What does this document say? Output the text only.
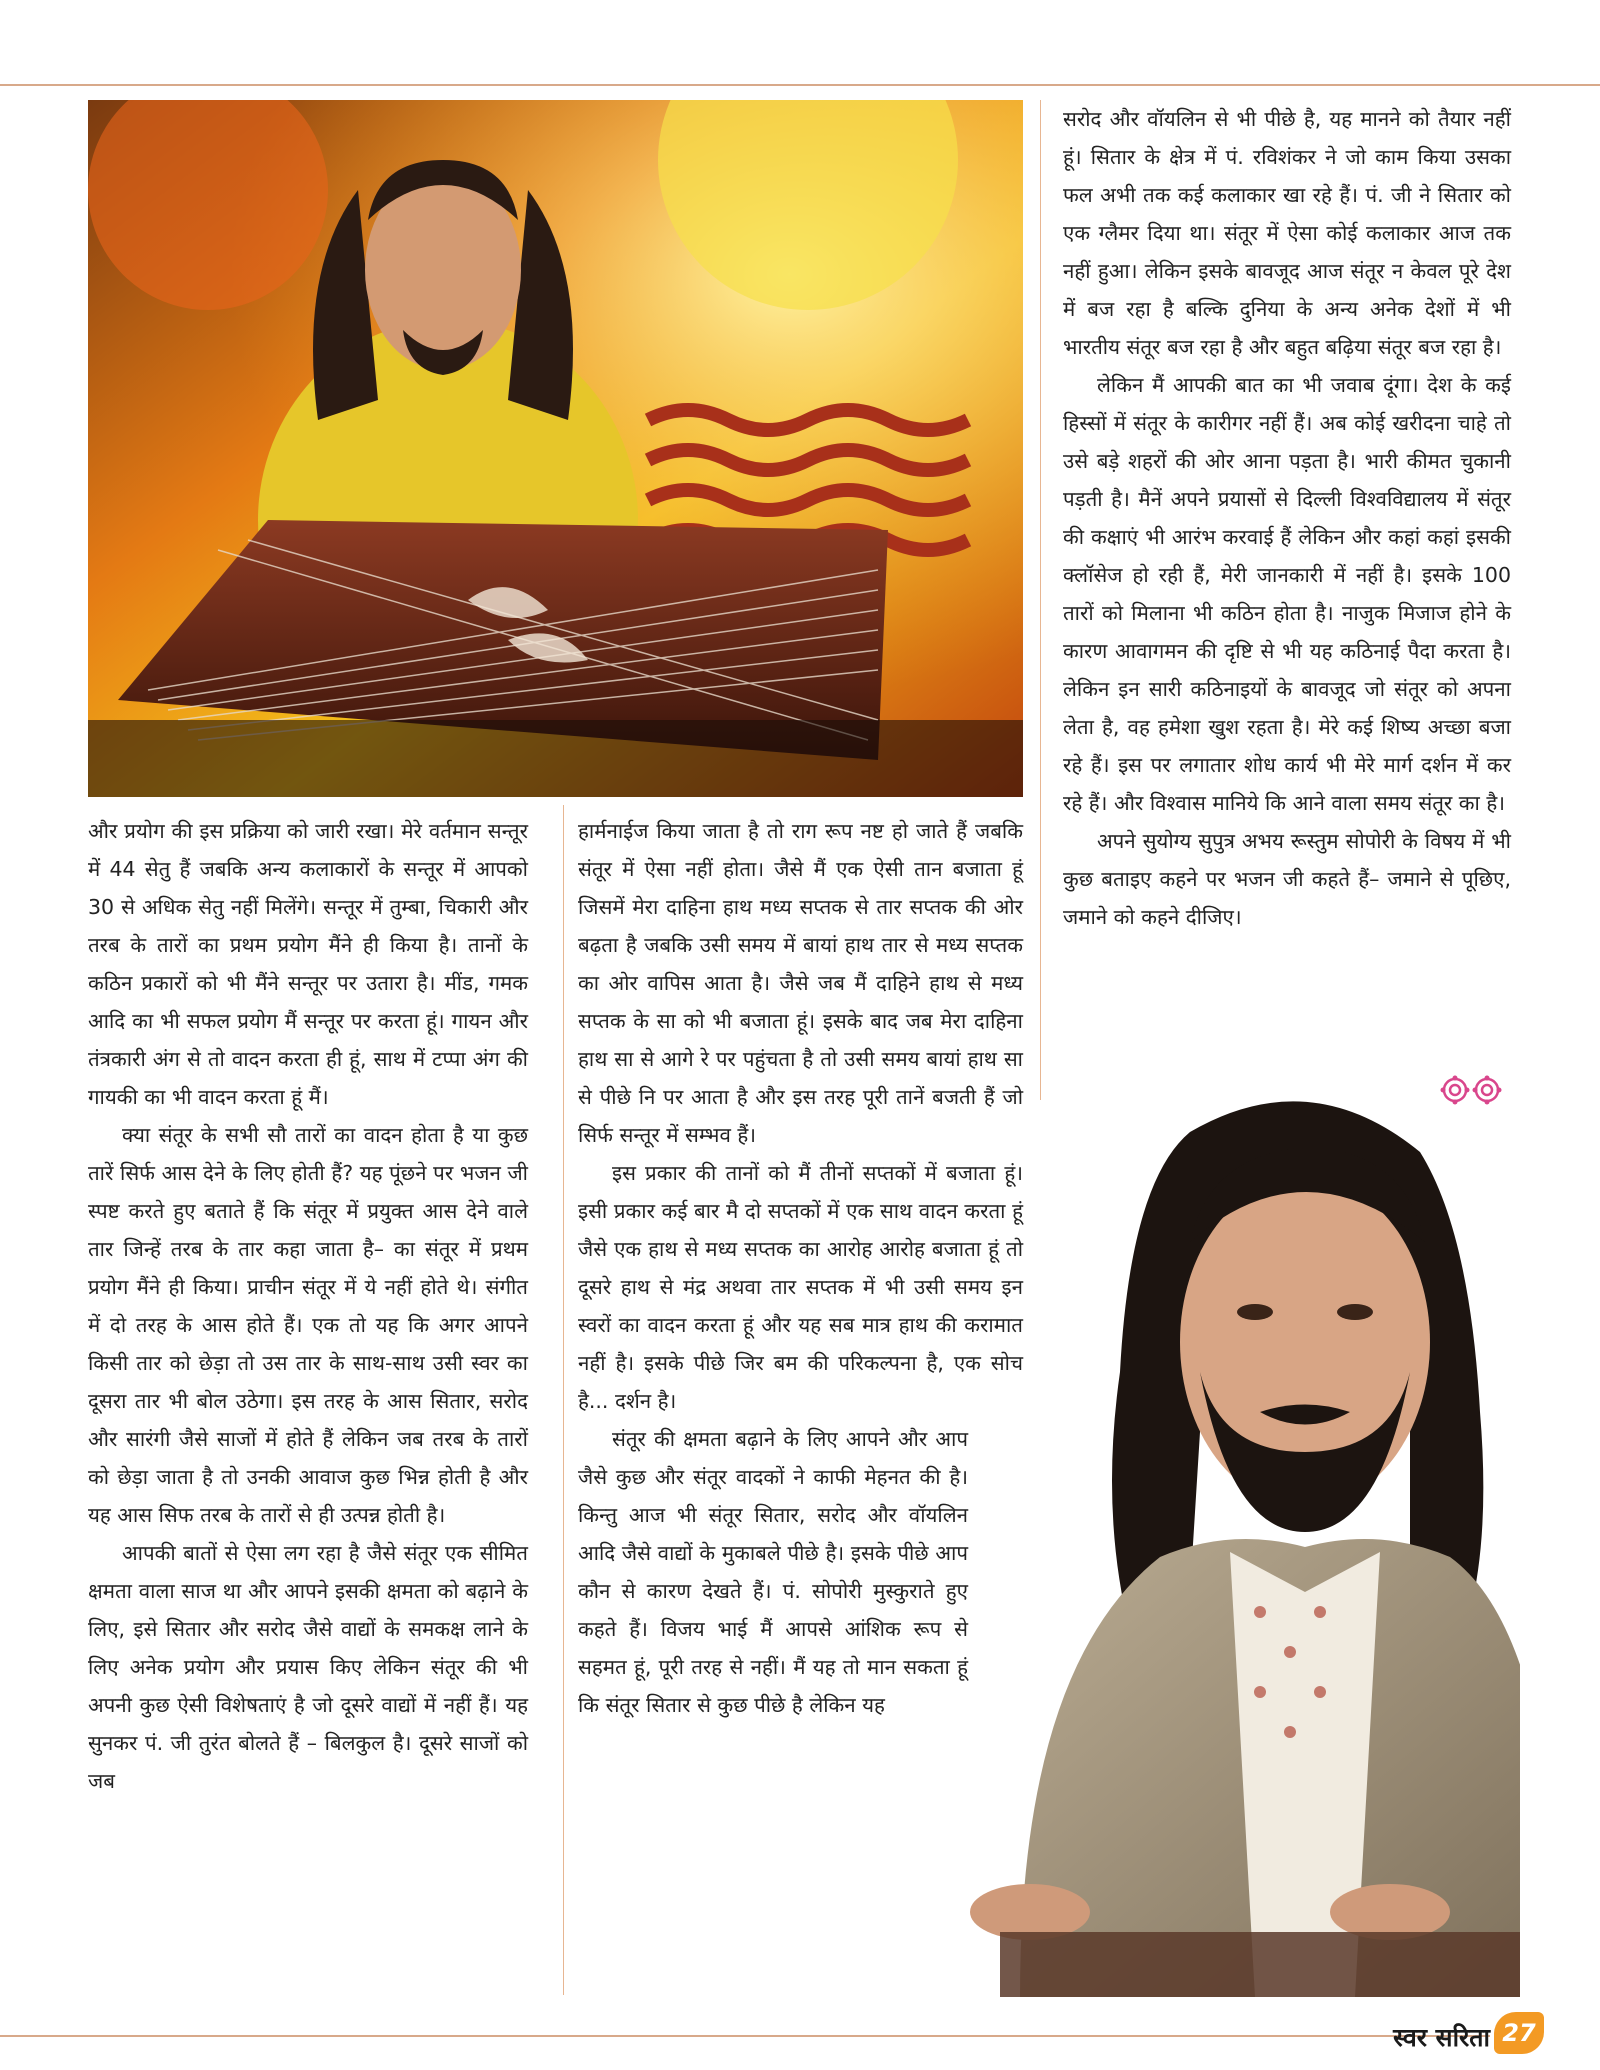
और प्रयोग की इस प्रक्रिया को जारी रखा। मेरे वर्तमान सन्तूर में 44 सेतु हैं जबकि अन्य कलाकारों के सन्तूर में आपको 30 से अधिक सेतु नहीं मिलेंगे। सन्तूर में तुम्बा, चिकारी और तरब के तारों का प्रथम प्रयोग मैंने ही किया है। तानों के कठिन प्रकारों को भी मैंने सन्तूर पर उतारा है। मींड, गमक आदि का भी सफल प्रयोग मैं सन्तूर पर करता हूं। गायन और तंत्रकारी अंग से तो वादन करता ही हूं, साथ में टप्पा अंग की गायकी का भी वादन करता हूं मैं।

क्या संतूर के सभी सौ तारों का वादन होता है या कुछ तारें सिर्फ आस देने के लिए होती हैं? यह पूंछने पर भजन जी स्पष्ट करते हुए बताते हैं कि संतूर में प्रयुक्त आस देने वाले तार जिन्हें तरब के तार कहा जाता है– का संतूर में प्रथम प्रयोग मैंने ही किया। प्राचीन संतूर में ये नहीं होते थे। संगीत में दो तरह के आस होते हैं। एक तो यह कि अगर आपने किसी तार को छेड़ा तो उस तार के साथ-साथ उसी स्वर का दूसरा तार भी बोल उठेगा। इस तरह के आस सितार, सरोद और सारंगी जैसे साजों में होते हैं लेकिन जब तरब के तारों को छेड़ा जाता है तो उनकी आवाज कुछ भिन्न होती है और यह आस सिफ तरब के तारों से ही उत्पन्न होती है।

आपकी बातों से ऐसा लग रहा है जैसे संतूर एक सीमित क्षमता वाला साज था और आपने इसकी क्षमता को बढ़ाने के लिए, इसे सितार और सरोद जैसे वाद्यों के समकक्ष लाने के लिए अनेक प्रयोग और प्रयास किए लेकिन संतूर की भी अपनी कुछ ऐसी विशेषताएं है जो दूसरे वाद्यों में नहीं हैं। यह सुनकर पं. जी तुरंत बोलते हैं – बिलकुल है। दूसरे साजों को जब

हार्मनाईज किया जाता है तो राग रूप नष्ट हो जाते हैं जबकि संतूर में ऐसा नहीं होता। जैसे मैं एक ऐसी तान बजाता हूं जिसमें मेरा दाहिना हाथ मध्य सप्तक से तार सप्तक की ओर बढ़ता है जबकि उसी समय में बायां हाथ तार से मध्य सप्तक का ओर वापिस आता है। जैसे जब मैं दाहिने हाथ से मध्य सप्तक के सा को भी बजाता हूं। इसके बाद जब मेरा दाहिना हाथ सा से आगे रे पर पहुंचता है तो उसी समय बायां हाथ सा से पीछे नि पर आता है और इस तरह पूरी तानें बजती हैं जो सिर्फ सन्तूर में सम्भव हैं।

इस प्रकार की तानों को मैं तीनों सप्तकों में बजाता हूं। इसी प्रकार कई बार मै दो सप्तकों में एक साथ वादन करता हूं जैसे एक हाथ से मध्य सप्तक का आरोह आरोह बजाता हूं तो दूसरे हाथ से मंद्र अथवा तार सप्तक में भी उसी समय इन स्वरों का वादन करता हूं और यह सब मात्र हाथ की करामात नहीं है। इसके पीछे जिर बम की परिकल्पना है, एक सोच है... दर्शन है।

संतूर की क्षमता बढ़ाने के लिए आपने और आप जैसे कुछ और संतूर वादकों ने काफी मेहनत की है। किन्तु आज भी संतूर सितार, सरोद और वॉयलिन आदि जैसे वाद्यों के मुकाबले पीछे है। इसके पीछे आप कौन से कारण देखते हैं। पं. सोपोरी मुस्कुराते हुए कहते हैं। विजय भाई मैं आपसे आंशिक रूप से सहमत हूं, पूरी तरह से नहीं। मैं यह तो मान सकता हूं कि संतूर सितार से कुछ पीछे है लेकिन यह

सरोद और वॉयलिन से भी पीछे है, यह मानने को तैयार नहीं हूं। सितार के क्षेत्र में पं. रविशंकर ने जो काम किया उसका फल अभी तक कई कलाकार खा रहे हैं। पं. जी ने सितार को एक ग्लैमर दिया था। संतूर में ऐसा कोई कलाकार आज तक नहीं हुआ। लेकिन इसके बावजूद आज संतूर न केवल पूरे देश में बज रहा है बल्कि दुनिया के अन्य अनेक देशों में भी भारतीय संतूर बज रहा है और बहुत बढ़िया संतूर बज रहा है।

लेकिन मैं आपकी बात का भी जवाब दूंगा। देश के कई हिस्सों में संतूर के कारीगर नहीं हैं। अब कोई खरीदना चाहे तो उसे बड़े शहरों की ओर आना पड़ता है। भारी कीमत चुकानी पड़ती है। मैनें अपने प्रयासों से दिल्ली विश्वविद्यालय में संतूर की कक्षाएं भी आरंभ करवाई हैं लेकिन और कहां कहां इसकी क्लॉसेज हो रही हैं, मेरी जानकारी में नहीं है। इसके 100 तारों को मिलाना भी कठिन होता है। नाजुक मिजाज होने के कारण आवागमन की दृष्टि से भी यह कठिनाई पैदा करता है। लेकिन इन सारी कठिनाइयों के बावजूद जो संतूर को अपना लेता है, वह हमेशा खुश रहता है। मेरे कई शिष्य अच्छा बजा रहे हैं। इस पर लगातार शोध कार्य भी मेरे मार्ग दर्शन में कर रहे हैं। और विश्वास मानिये कि आने वाला समय संतूर का है।

अपने सुयोग्य सुपुत्र अभय रूस्तुम सोपोरी के विषय में भी कुछ बताइए कहने पर भजन जी कहते हैं– जमाने से पूछिए, जमाने को कहने दीजिए।

स्वर सरिता 27
